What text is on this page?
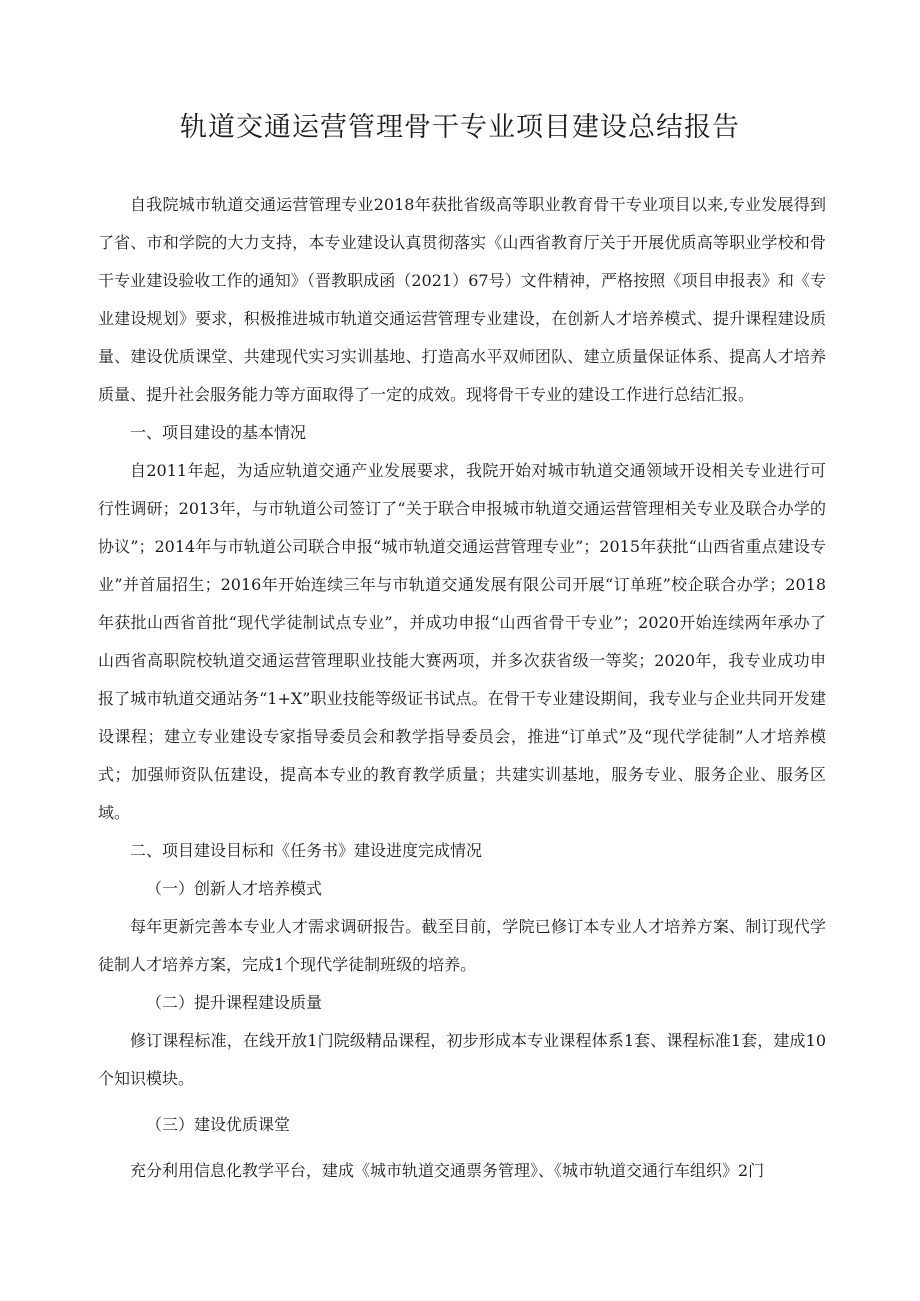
轨道交通运营管理骨干专业项目建设总结报告

自我院城市轨道交通运营管理专业2018年获批省级高等职业教育骨干专业项目以来,专业发展得到了省、市和学院的大力支持，本专业建设认真贯彻落实《山西省教育厅关于开展优质高等职业学校和骨干专业建设验收工作的通知》（晋教职成函（2021）67号）文件精神，严格按照《项目申报表》和《专业建设规划》要求，积极推进城市轨道交通运营管理专业建设，在创新人才培养模式、提升课程建设质量、建设优质课堂、共建现代实习实训基地、打造高水平双师团队、建立质量保证体系、提高人才培养质量、提升社会服务能力等方面取得了一定的成效。现将骨干专业的建设工作进行总结汇报。

一、项目建设的基本情况

自2011年起，为适应轨道交通产业发展要求，我院开始对城市轨道交通领域开设相关专业进行可行性调研；2013年，与市轨道公司签订了“关于联合申报城市轨道交通运营管理相关专业及联合办学的协议”；2014年与市轨道公司联合申报“城市轨道交通运营管理专业”；2015年获批“山西省重点建设专业”并首届招生；2016年开始连续三年与市轨道交通发展有限公司开展“订单班”校企联合办学；2018年获批山西省首批“现代学徒制试点专业”，并成功申报“山西省骨干专业”；2020开始连续两年承办了山西省高职院校轨道交通运营管理职业技能大赛两项，并多次获省级一等奖；2020年，我专业成功申报了城市轨道交通站务“1+X”职业技能等级证书试点。在骨干专业建设期间，我专业与企业共同开发建设课程；建立专业建设专家指导委员会和教学指导委员会，推进“订单式”及“现代学徒制”人才培养模式；加强师资队伍建设，提高本专业的教育教学质量；共建实训基地，服务专业、服务企业、服务区域。

二、项目建设目标和《任务书》建设进度完成情况
（一）创新人才培养模式

每年更新完善本专业人才需求调研报告。截至目前，学院已修订本专业人才培养方案、制订现代学徒制人才培养方案，完成1个现代学徒制班级的培养。

（二）提升课程建设质量

修订课程标准，在线开放1门院级精品课程，初步形成本专业课程体系1套、课程标准1套，建成10个知识模块。

（三）建设优质课堂

充分利用信息化教学平台，建成《城市轨道交通票务管理》、《城市轨道交通行车组织》2门
